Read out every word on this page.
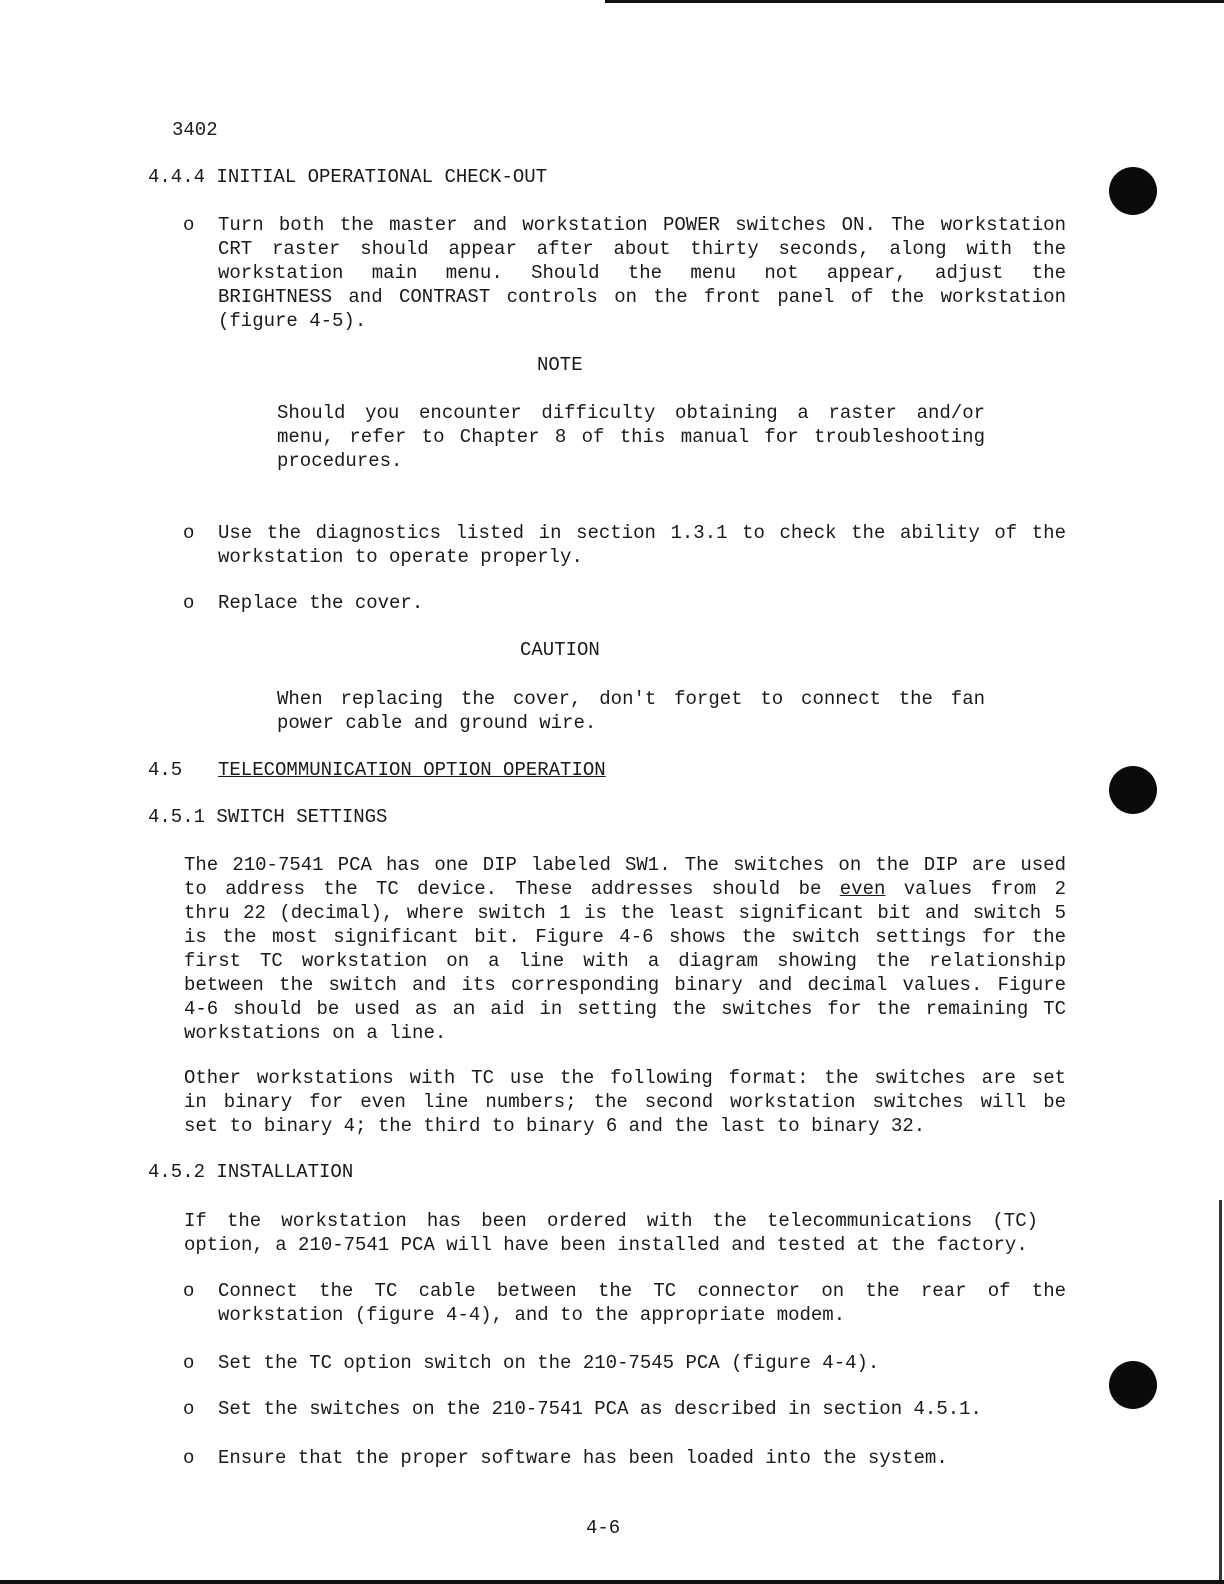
3402
4.4.4 INITIAL OPERATIONAL CHECK-OUT
o Turn both the master and workstation POWER switches ON. The workstation
CRT raster should appear after about thirty seconds, along with the
workstation main menu. Should the menu not appear, adjust the
BRIGHTNESS and CONTRAST controls on the front panel of the workstation
(figure 4-5).
NOTE
Should you encounter difficulty obtaining a raster and/or
menu, refer to Chapter 8 of this manual for troubleshooting
procedures.
o Use the diagnostics listed in section 1.3.1 to check the ability of the
workstation to operate properly.
o Replace the cover.
CAUTION
When replacing the cover, don't forget to connect the fan
power cable and ground wire.
4.5 TELECOMMUNICATION OPTION OPERATION
4.5.1 SWITCH SETTINGS
The 210-7541 PCA has one DIP labeled SW1. The switches on the DIP are used
to address the TC device. These addresses should be even values from 2
thru 22 (decimal), where switch 1 is the least significant bit and switch 5
is the most significant bit. Figure 4-6 shows the switch settings for the
first TC workstation on a line with a diagram showing the relationship
between the switch and its corresponding binary and decimal values. Figure
4-6 should be used as an aid in setting the switches for the remaining TC
workstations on a line.
Other workstations with TC use the following format: the switches are set
in binary for even line numbers; the second workstation switches will be
set to binary 4; the third to binary 6 and the last to binary 32.
4.5.2 INSTALLATION
If the workstation has been ordered with the telecommunications (TC)
option, a 210-7541 PCA will have been installed and tested at the factory.
o Connect the TC cable between the TC connector on the rear of the
workstation (figure 4-4), and to the appropriate modem.
o Set the TC option switch on the 210-7545 PCA (figure 4-4).
o Set the switches on the 210-7541 PCA as described in section 4.5.1.
o Ensure that the proper software has been loaded into the system.
4-6
